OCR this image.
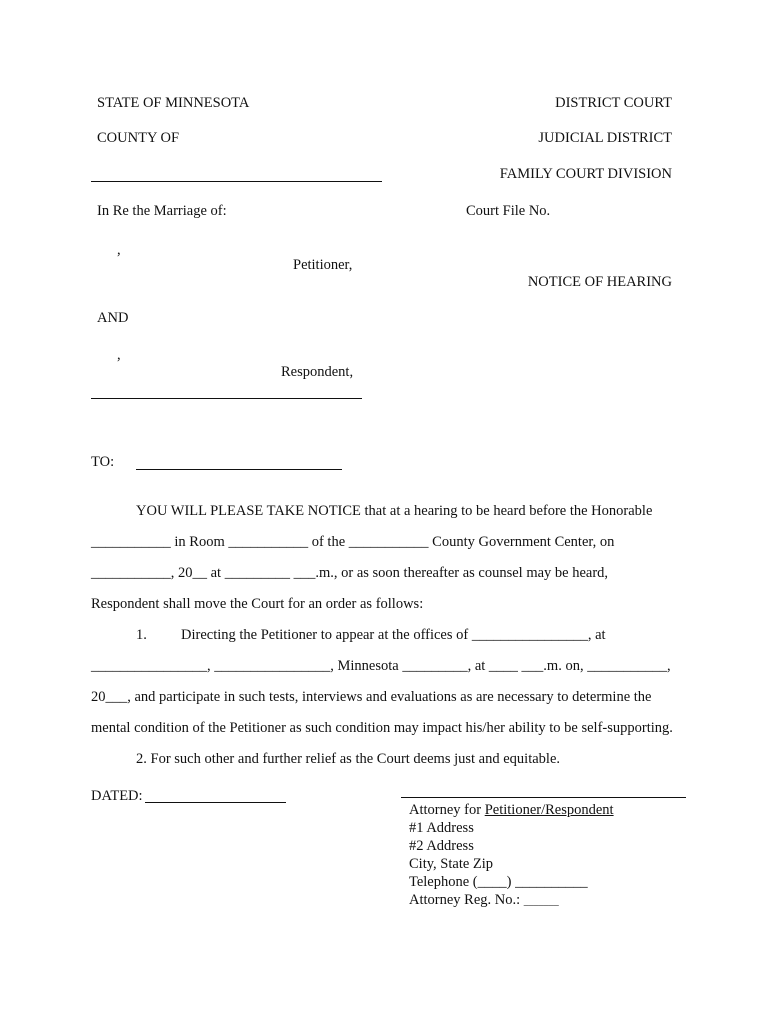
STATE OF MINNESOTA
COUNTY OF
DISTRICT COURT
JUDICIAL DISTRICT
FAMILY COURT DIVISION
In Re the Marriage of:	Court File No.
,
Petitioner,
NOTICE OF HEARING
AND
,
Respondent,
TO:
YOU WILL PLEASE TAKE NOTICE that at a hearing to be heard before the Honorable
___________ in Room ___________ of the ___________ County Government Center, on
___________, 20__ at _________ ___.m., or as soon thereafter as counsel may be heard,
Respondent shall move the Court for an order as follows:
1. Directing the Petitioner to appear at the offices of ________________, at
________________, ________________, Minnesota _________, at ____ ___.m. on, ___________,
20___, and participate in such tests, interviews and evaluations as are necessary to determine the
mental condition of the Petitioner as such condition may impact his/her ability to be self-supporting.
2. For such other and further relief as the Court deems just and equitable.
DATED:
Attorney for Petitioner/Respondent
#1 Address
#2 Address
City, State Zip
Telephone (____) __________
Attorney Reg. No.: _______
